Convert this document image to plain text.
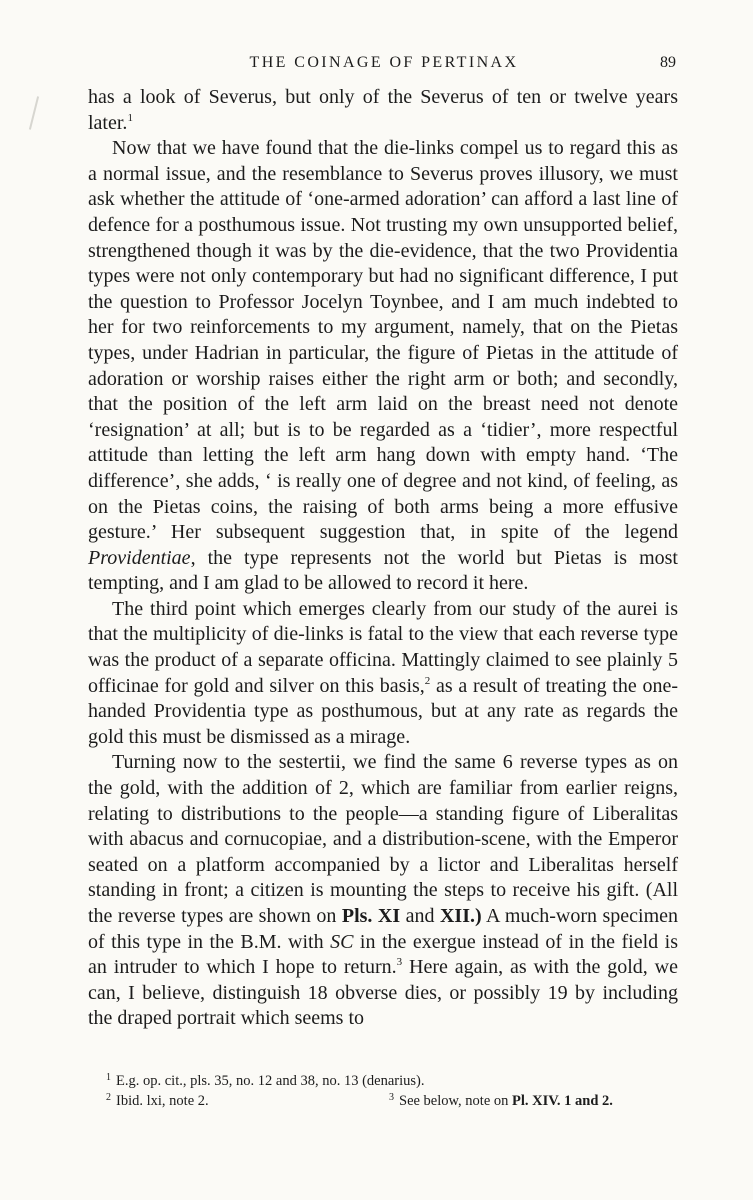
THE COINAGE OF PERTINAX	89

has a look of Severus, but only of the Severus of ten or twelve years later.$^1$

Now that we have found that the die-links compel us to regard this as a normal issue, and the resemblance to Severus proves illusory, we must ask whether the attitude of ‘one-armed adoration’ can afford a last line of defence for a posthumous issue. Not trusting my own unsupported belief, strengthened though it was by the die-evidence, that the two Providentia types were not only contemporary but had no significant difference, I put the question to Professor Jocelyn Toynbee, and I am much indebted to her for two reinforcements to my argument, namely, that on the Pietas types, under Hadrian in particular, the figure of Pietas in the attitude of adoration or worship raises either the right arm or both; and secondly, that the position of the left arm laid on the breast need not denote ‘resignation’ at all; but is to be regarded as a ‘tidier’, more respectful attitude than letting the left arm hang down with empty hand. ‘The difference’, she adds, ‘ is really one of degree and not kind, of feeling, as on the Pietas coins, the raising of both arms being a more effusive gesture.’ Her subsequent suggestion that, in spite of the legend Providentiae, the type represents not the world but Pietas is most tempting, and I am glad to be allowed to record it here.

The third point which emerges clearly from our study of the aurei is that the multiplicity of die-links is fatal to the view that each reverse type was the product of a separate officina. Mattingly claimed to see plainly 5 officinae for gold and silver on this basis,$^2$ as a result of treating the one-handed Providentia type as posthumous, but at any rate as regards the gold this must be dismissed as a mirage.

Turning now to the sestertii, we find the same 6 reverse types as on the gold, with the addition of 2, which are familiar from earlier reigns, relating to distributions to the people—a standing figure of Liberalitas with abacus and cornucopiae, and a distribution-scene, with the Emperor seated on a platform accompanied by a lictor and Liberalitas herself standing in front; a citizen is mounting the steps to receive his gift. (All the reverse types are shown on Pls. XI and XII.) A much-worn specimen of this type in the B.M. with SC in the exergue instead of in the field is an intruder to which I hope to return.$^3$ Here again, as with the gold, we can, I believe, distinguish 18 obverse dies, or possibly 19 by including the draped portrait which seems to

$^1$ E.g. op. cit., pls. 35, no. 12 and 38, no. 13 (denarius).
$^2$ Ibid. lxi, note 2.	$^3$ See below, note on Pl. XIV. 1 and 2.
